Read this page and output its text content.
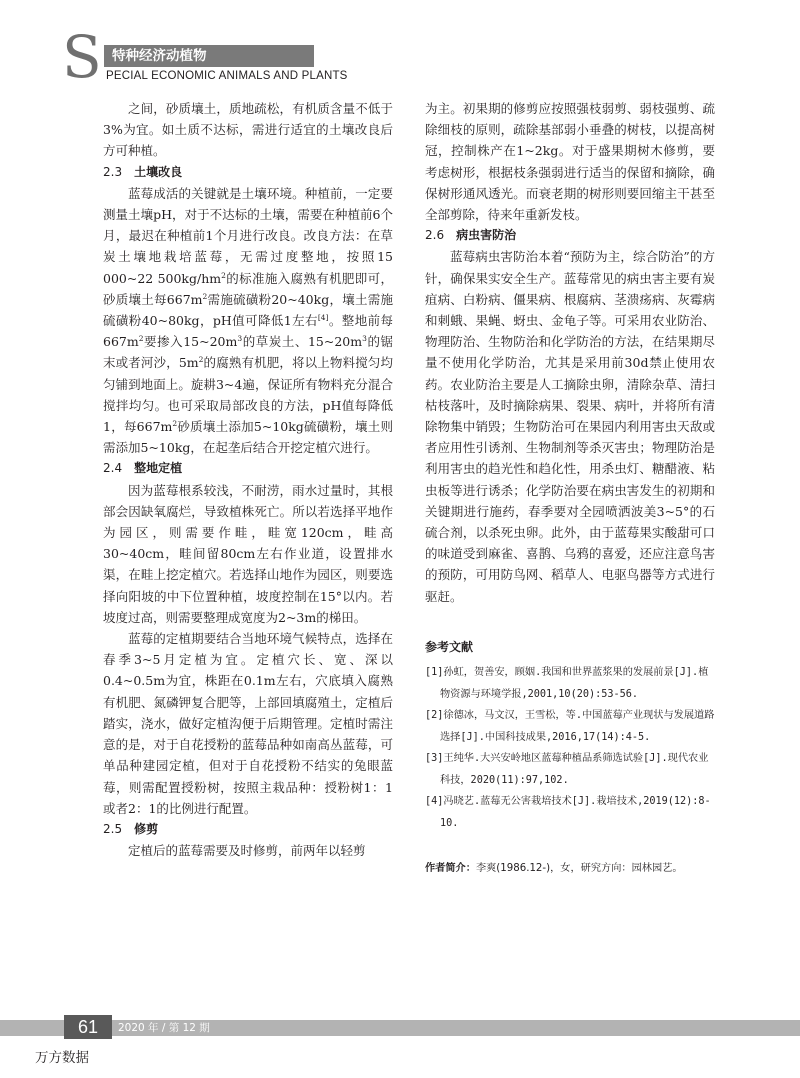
S 特种经济动植物
PECIAL ECONOMIC ANIMALS AND PLANTS

之间，砂质壤土，质地疏松，有机质含量不低于3%为宜。如土质不达标，需进行适宜的土壤改良后方可种植。

2.3 土壤改良

蓝莓成活的关键就是土壤环境。种植前，一定要测量土壤pH，对于不达标的土壤，需要在种植前6个月，最迟在种植前1个月进行改良。改良方法：在草炭土壤地栽培蓝莓，无需过度整地，按照15 000~22 $500kg/hm^2$的标准施入腐熟有机肥即可，砂质壤土每$667m^2$需施硫磺粉20~40kg，壤土需施硫磺粉40~80kg，pH值可降低1左右[4]。整地前每$667m^2$要掺入$15\sim 20m^3$的草炭土、$15\sim 20m^3$的锯末或者河沙，$5m^2$的腐熟有机肥，将以上物料搅匀均匀铺到地面上。旋耕3~4遍，保证所有物料充分混合搅拌均匀。也可采取局部改良的方法，pH值每降低1，每$667m^2$砂质壤土添加5~10kg硫磺粉，壤土则需添加5~10kg，在起垄后结合开挖定植穴进行。

2.4 整地定植

因为蓝莓根系较浅，不耐涝，雨水过量时，其根部会因缺氧腐烂，导致植株死亡。所以若选择平地作为园区，则需要作畦，畦宽120cm，畦高30~40cm，畦间留80cm左右作业道，设置排水渠，在畦上挖定植穴。若选择山地作为园区，则要选择向阳坡的中下位置种植，坡度控制在15°以内。若坡度过高，则需要整理成宽度为2~3m的梯田。

蓝莓的定植期要结合当地环境气候特点，选择在春季3~5月定植为宜。定植穴长、宽、深以0.4~0.5m为宜，株距在0.1m左右，穴底填入腐熟有机肥、氮磷钾复合肥等，上部回填腐殖土，定植后踏实，浇水，做好定植沟便于后期管理。定植时需注意的是，对于自花授粉的蓝莓品种如南高丛蓝莓，可单品种建园定植，但对于自花授粉不结实的兔眼蓝莓，则需配置授粉树，按照主栽品种：授粉树1：1或者2：1的比例进行配置。

2.5 修剪

定植后的蓝莓需要及时修剪，前两年以轻剪

为主。初果期的修剪应按照强枝弱剪、弱枝强剪、疏除细枝的原则，疏除基部弱小垂叠的树枝，以提高树冠，控制株产在1~2kg。对于盛果期树木修剪，要考虑树形，根据枝条强弱进行适当的保留和摘除，确保树形通风透光。而衰老期的树形则要回缩主干甚至全部剪除，待来年重新发枝。

2.6 病虫害防治

蓝莓病虫害防治本着“预防为主，综合防治”的方针，确保果实安全生产。蓝莓常见的病虫害主要有炭疽病、白粉病、僵果病、根腐病、茎溃疡病、灰霉病和刺蛾、果蝇、蚜虫、金龟子等。可采用农业防治、物理防治、生物防治和化学防治的方法，在结果期尽量不使用化学防治，尤其是采用前30d禁止使用农药。农业防治主要是人工摘除虫卵，清除杂草、清扫枯枝落叶，及时摘除病果、裂果、病叶，并将所有清除物集中销毁；生物防治可在果园内利用害虫天敌或者应用性引诱剂、生物制剂等杀灭害虫；物理防治是利用害虫的趋光性和趋化性，用杀虫灯、糖醋液、粘虫板等进行诱杀；化学防治要在病虫害发生的初期和关键期进行施药，春季要对全园喷洒波美3~5°的石硫合剂，以杀死虫卵。此外，由于蓝莓果实酸甜可口的味道受到麻雀、喜鹊、乌鸦的喜爱，还应注意鸟害的预防，可用防鸟网、稻草人、电驱鸟器等方式进行驱赶。

参考文献
[1]孙虹，贺善安，顾姻.我国和世界蓝浆果的发展前景[J].植物资源与环境学报,2001,10(20):53-56.
[2]徐德冰，马文汉，王雪松，等.中国蓝莓产业现状与发展道路选择[J].中国科技成果,2016,17(14):4-5.
[3]王纯华.大兴安岭地区蓝莓种植品系筛选试验[J].现代农业科技，2020(11):97,102.
[4]冯晓艺.蓝莓无公害栽培技术[J].栽培技术,2019(12):8-10.
作者简介：李爽(1986.12-)，女，研究方向：园林园艺。
61	2020 年 / 第 12 期
万方数据
